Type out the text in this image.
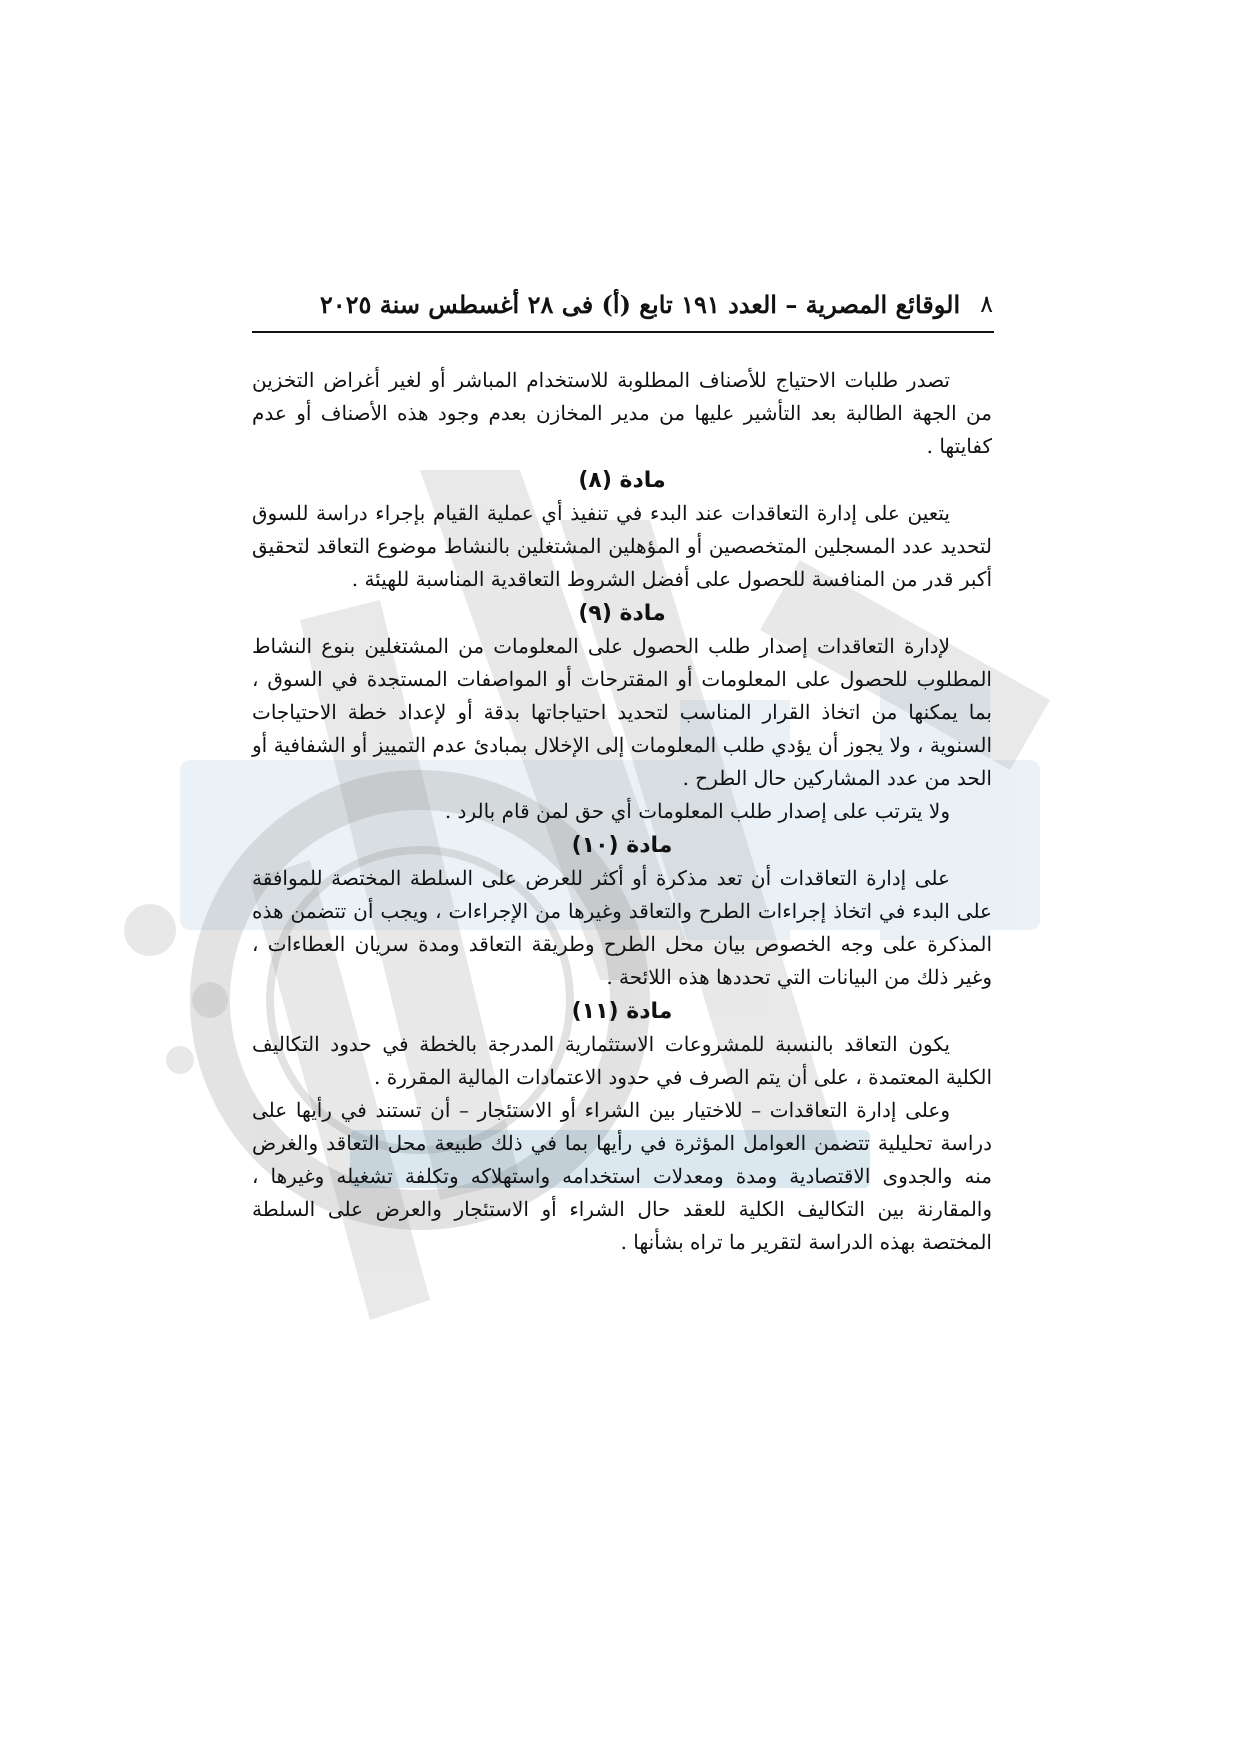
٨
الوقائع المصرية – العدد ١٩١ تابع (أ) فى ٢٨ أغسطس سنة ٢٠٢٥

تصدر طلبات الاحتياج للأصناف المطلوبة للاستخدام المباشر أو لغير أغراض التخزين من الجهة الطالبة بعد التأشير عليها من مدير المخازن بعدم وجود هذه الأصناف أو عدم كفايتها .

مادة (٨)

يتعين على إدارة التعاقدات عند البدء في تنفيذ أي عملية القيام بإجراء دراسة للسوق لتحديد عدد المسجلين المتخصصين أو المؤهلين المشتغلين بالنشاط موضوع التعاقد لتحقيق أكبر قدر من المنافسة للحصول على أفضل الشروط التعاقدية المناسبة للهيئة .

مادة (٩)

لإدارة التعاقدات إصدار طلب الحصول على المعلومات من المشتغلين بنوع النشاط المطلوب للحصول على المعلومات أو المقترحات أو المواصفات المستجدة في السوق ، بما يمكنها من اتخاذ القرار المناسب لتحديد احتياجاتها بدقة أو لإعداد خطة الاحتياجات السنوية ، ولا يجوز أن يؤدي طلب المعلومات إلى الإخلال بمبادئ عدم التمييز أو الشفافية أو الحد من عدد المشاركين حال الطرح .

ولا يترتب على إصدار طلب المعلومات أي حق لمن قام بالرد .

مادة (١٠)

على إدارة التعاقدات أن تعد مذكرة أو أكثر للعرض على السلطة المختصة للموافقة على البدء في اتخاذ إجراءات الطرح والتعاقد وغيرها من الإجراءات ، ويجب أن تتضمن هذه المذكرة على وجه الخصوص بيان محل الطرح وطريقة التعاقد ومدة سريان العطاءات ، وغير ذلك من البيانات التي تحددها هذه اللائحة .

مادة (١١)

يكون التعاقد بالنسبة للمشروعات الاستثمارية المدرجة بالخطة في حدود التكاليف الكلية المعتمدة ، على أن يتم الصرف في حدود الاعتمادات المالية المقررة .

وعلى إدارة التعاقدات – للاختيار بين الشراء أو الاستئجار – أن تستند في رأيها على دراسة تحليلية تتضمن العوامل المؤثرة في رأيها بما في ذلك طبيعة محل التعاقد والغرض منه والجدوى الاقتصادية ومدة ومعدلات استخدامه واستهلاكه وتكلفة تشغيله وغيرها ، والمقارنة بين التكاليف الكلية للعقد حال الشراء أو الاستئجار والعرض على السلطة المختصة بهذه الدراسة لتقرير ما تراه بشأنها .
